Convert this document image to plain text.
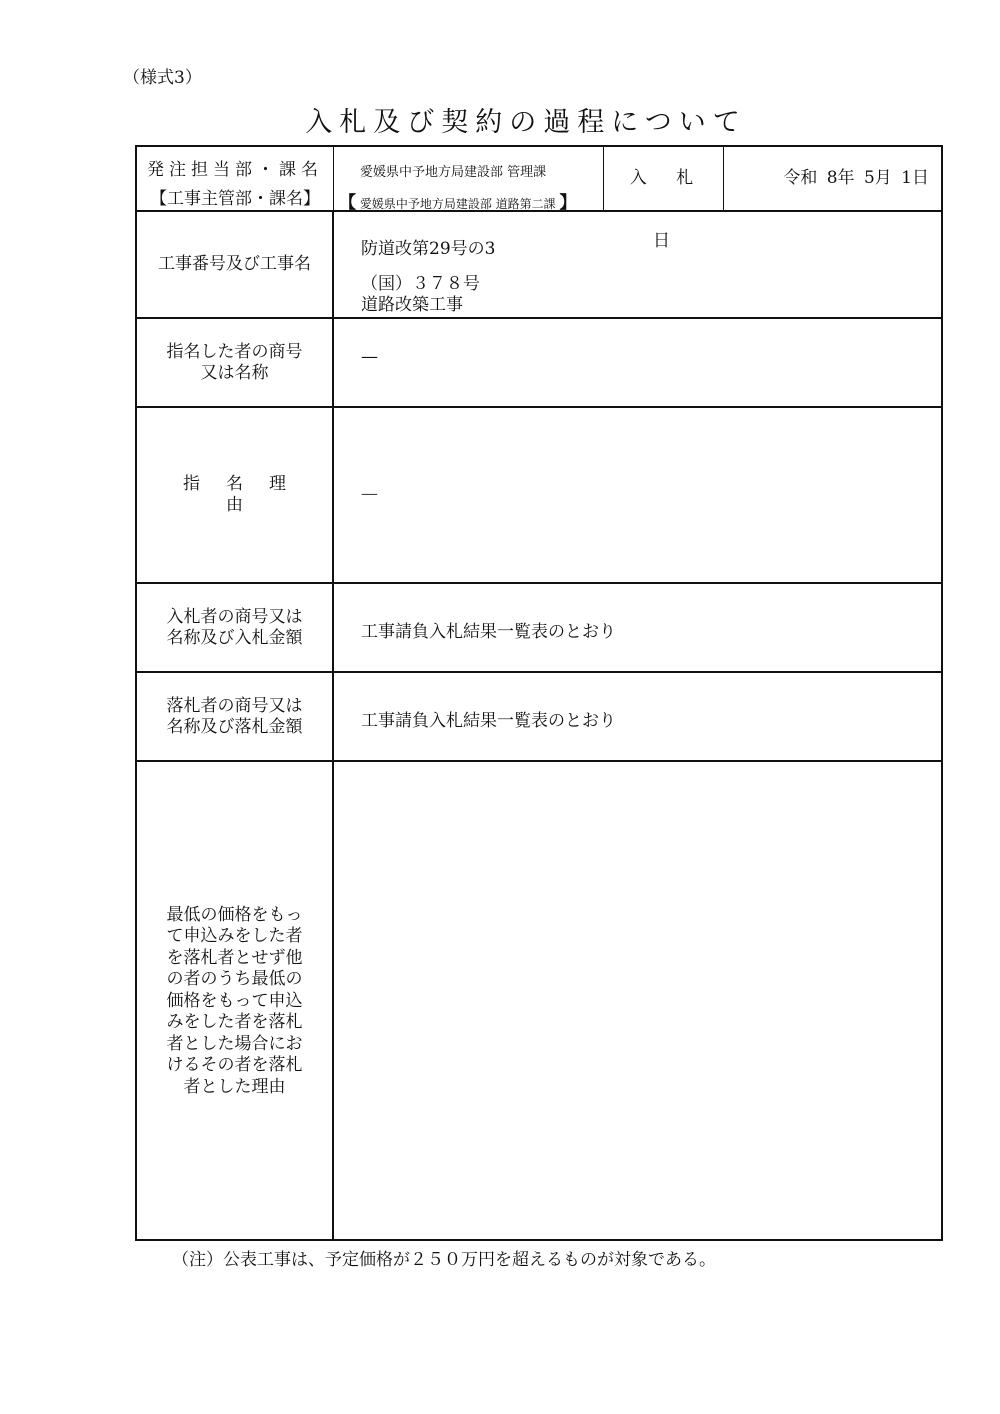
（様式3）
入札及び契約の過程について
発注担当部・課名
【工事主管部・課名】
愛媛県中予地方局建設部 管理課
【 愛媛県中予地方局建設部 道路第二課 】
入 札 日
令和 8年 5月 1日
工事番号及び工事名
防道改第29号の3
（国）３７８号
道路改築工事
指名した者の商号
又は名称
—
指名理由
—
入札者の商号又は
名称及び入札金額	工事請負入札結果一覧表のとおり
落札者の商号又は
名称及び落札金額	工事請負入札結果一覧表のとおり
最低の価格をもって申込みをした者を落札者とせず他の者のうち最低の価格をもって申込みをした者を落札者とした場合におけるその者を落札者とした理由
（注）公表工事は、予定価格が２５０万円を超えるものが対象である。
